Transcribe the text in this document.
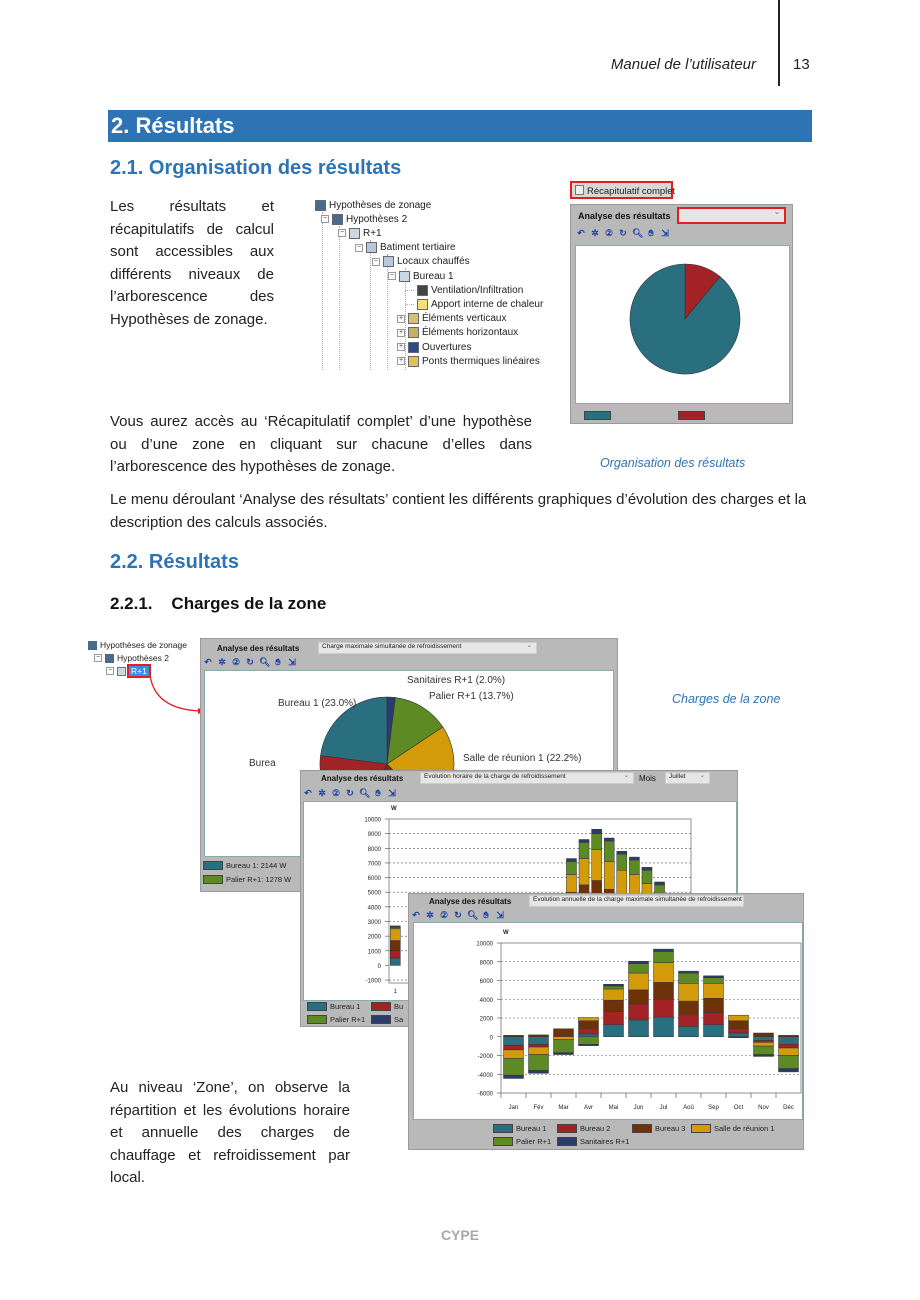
Manuel de l’utilisateur 13
2. Résultats
2.1. Organisation des résultats
Les résultats et récapitulatifs de calcul sont accessibles aux différents niveaux de l’arborescence des Hypothèses de zonage.
Hypothèses de zonage
− Hypothèses 2
− R+1
− Batiment tertiaire
− Locaux chauffés
− Bureau 1
Ventilation/Infiltration
Apport interne de chaleur
+ Éléments verticaux
+ Éléments horizontaux
+ Ouvertures
+ Ponts thermiques linéaires
Récapitulatif complet
Analyse des résultats
⌄
↶ ✲ ② ↻ 🔍︎ ✋︎ ⇲
Organisation des résultats
Vous aurez accès au ‘Récapitulatif complet’ d’une hypothèse ou d’une zone en cliquant sur chacune d’elles dans l’arborescence des hypothèses de zonage.
Le menu déroulant ‘Analyse des résultats’ contient les différents graphiques d’évolution des charges et la description des calculs associés.
2.2. Résultats
2.2.1.    Charges de la zone
Hypothèses de zonage
− Hypothèses 2
− R+1
Analyse des résultats	Charge maximale simultanée de refroidissement ⌄
↶ ✲ ② ↻ 🔍︎ ✋︎ ⇲
Sanitaires R+1 (2.0%)
Palier R+1 (13.7%)
Salle de réunion 1 (22.2%)
Bureau 1 (23.0%)
Burea
Bureau 1: 2144 W
Palier R+1: 1278 W
Charges de la zone
Analyse des résultats	Évolution horaire de la charge de refroidissement ⌄	Mois	Juillet ⌄
↶ ✲ ② ↻ 🔍︎ ✋︎ ⇲
10000
9000
8000
7000
6000
5000
4000
3000
2000
1000
0
-1000
W
1
Bureau 1	Bu
Palier R+1	Sa
Analyse des résultats	Évolution annuelle de la charge maximale simultanée de refroidissement ⌄
↶ ✲ ② ↻ 🔍︎ ✋︎ ⇲
10000
8000
6000
4000
2000
0
-2000
-4000
-6000
W
Jan	Fév Mar	Avr	Mai	Jun	Jul	Aoû Sep Oct Nov Déc
Bureau 1	Bureau 2	Bureau 3	Salle de réunion 1
Palier R+1	Sanitaires R+1
Au niveau ‘Zone’, on observe la répartition et les évolutions horaire et annuelle des charges de chauffage et refroidissement par local.
CYPE
